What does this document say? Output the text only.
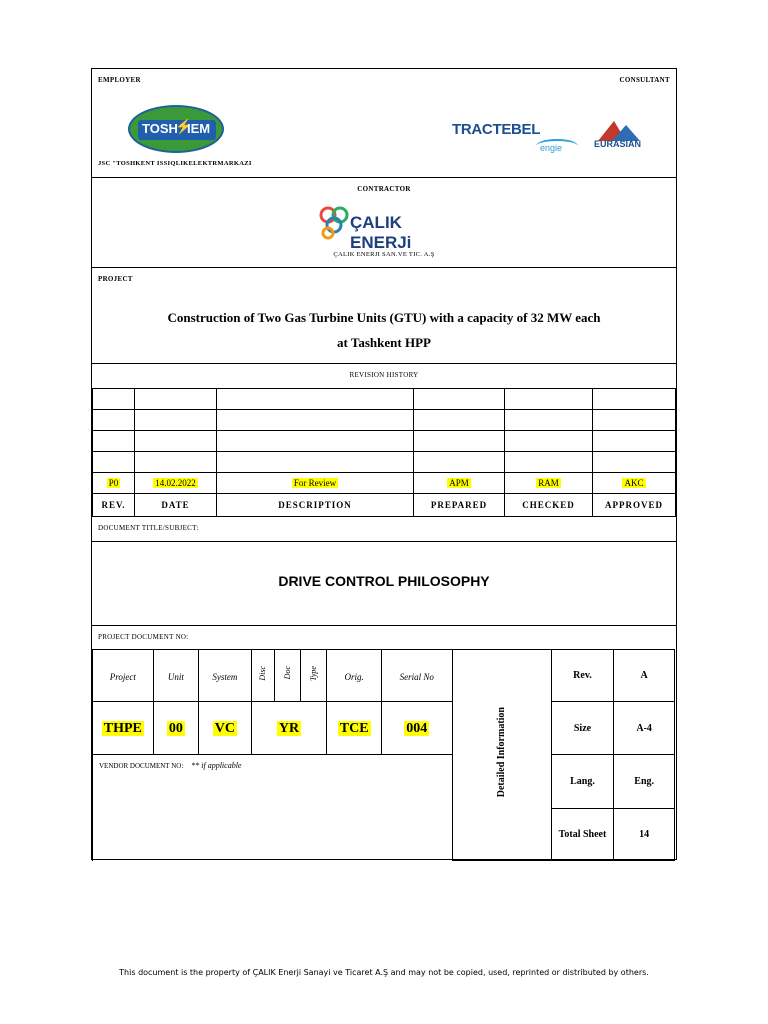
EMPLOYER	CONSULTANT
TOSH
⚡
IEM
JSC "TOSHKENT ISSIQLIKELEKTRMARKAZI
TRACTEBEL
engie	EURASIAN
CONTRACTOR
ÇALIK ENERJi
ÇALIK ENERJI SAN.VE TIC. A.Ş
PROJECT
Construction of Two Gas Turbine Units (GTU) with a capacity of 32 MW each
at Tashkent HPP
REVISION HISTORY

P0	14.02.2022	For Review	APM	RAM	AKC
REV.	DATE	DESCRIPTION	PREPARED	CHECKED	APPROVED
DOCUMENT TITLE/SUBJECT:
DRIVE CONTROL PHILOSOPHY
PROJECT DOCUMENT NO:
Project	Unit	System	Disc	Doc	Type	Orig.	Serial No	Detailed Information	Rev.	A
THPE	00	VC	YR			TCE	004		Size	A-4
VENDOR DOCUMENT NO: ** if applicable									Lang.	Eng.
									Total Sheet	14
This document is the property of ÇALIK Enerji Sanayi ve Ticaret A.Ş and may not be copied, used, reprinted or distributed by others.
